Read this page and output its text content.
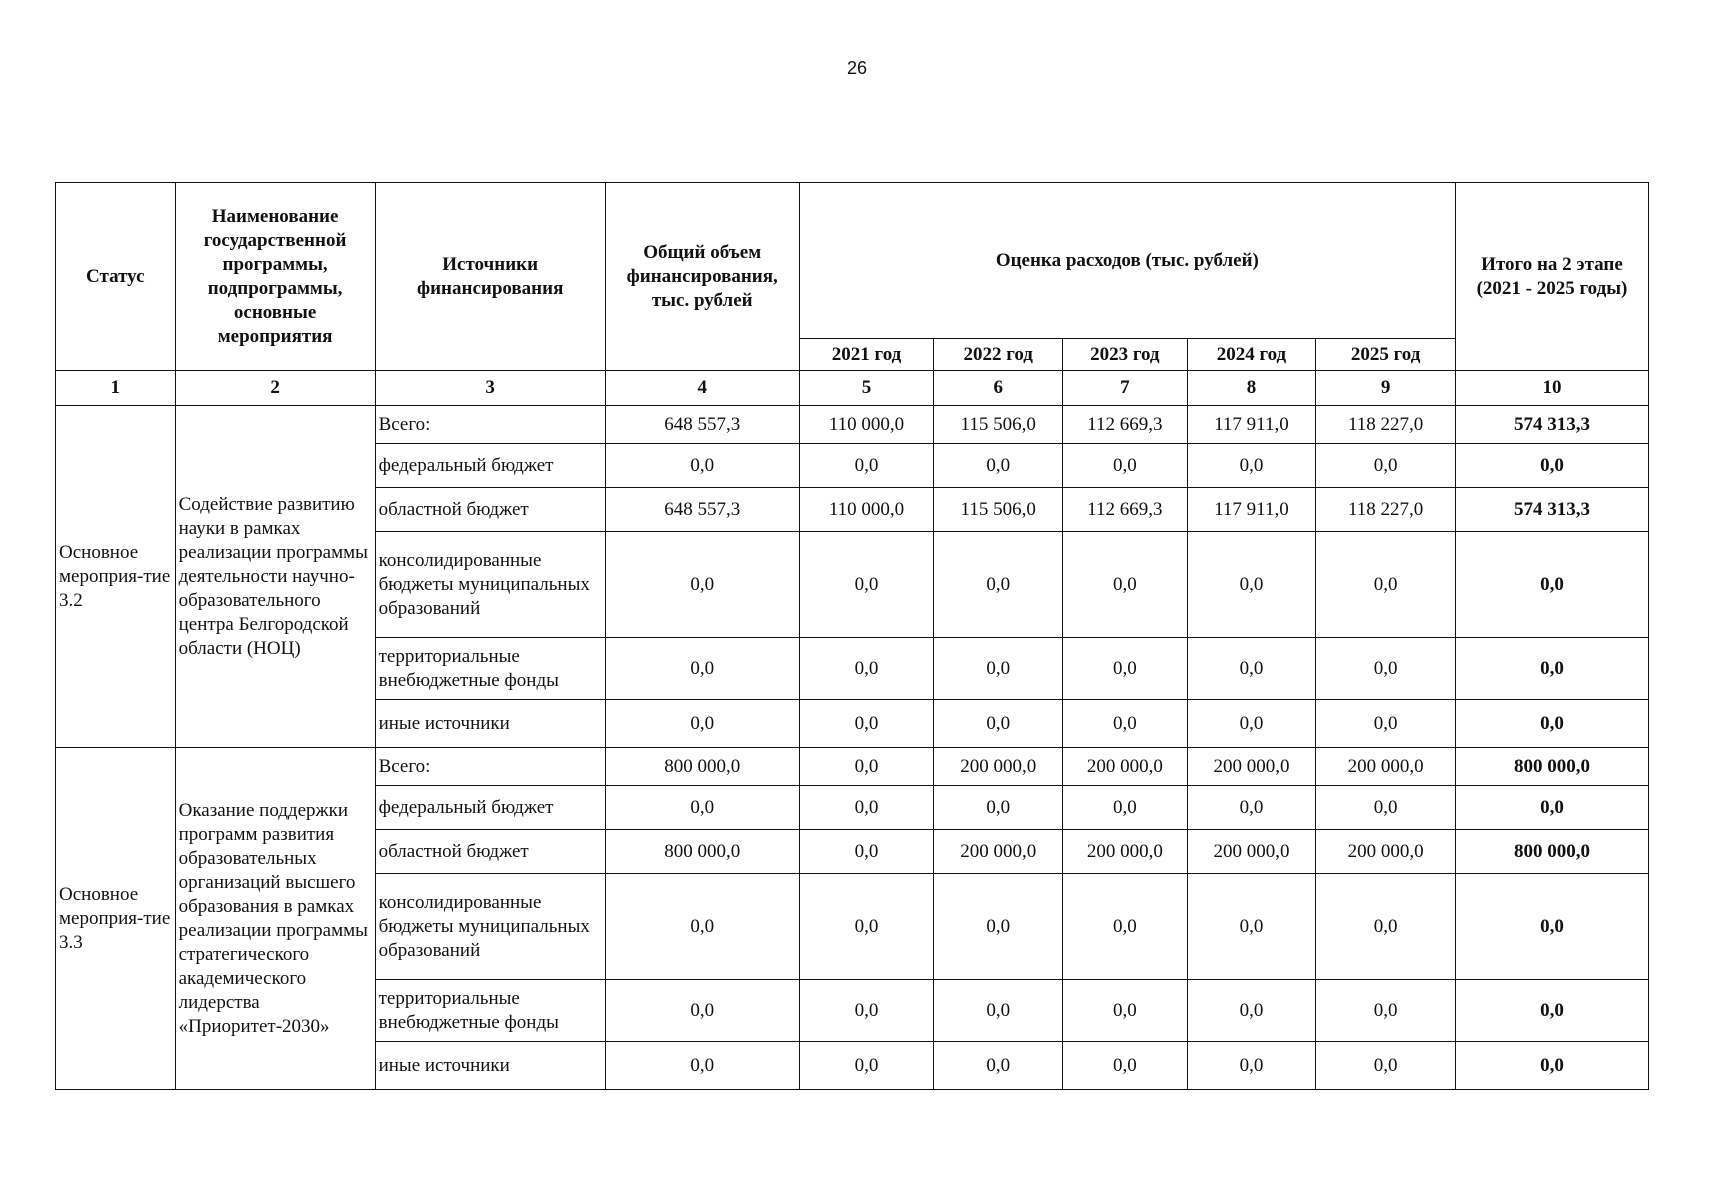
26
Статус	Наименование государственной программы, подпрограммы, основные мероприятия	Источники финансирования	Общий объем финансирования, тыс. рублей	Оценка расходов (тыс. рублей)					Итого на 2 этапе (2021 - 2025 годы)
				2021 год	2022 год	2023 год	2024 год	2025 год	
1	2	3	4	5	6	7	8	9	10
Основное мероприя-тие 3.2	Содействие развитию науки в рамках реализации программы деятельности научно-образовательного центра Белгородской области (НОЦ)	Всего:	648 557,3	110 000,0	115 506,0	112 669,3	117 911,0	118 227,0	574 313,3
		федеральный бюджет	0,0	0,0	0,0	0,0	0,0	0,0	0,0
		областной бюджет	648 557,3	110 000,0	115 506,0	112 669,3	117 911,0	118 227,0	574 313,3
		консолидированные бюджеты муниципальных образований	0,0	0,0	0,0	0,0	0,0	0,0	0,0
		территориальные внебюджетные фонды	0,0	0,0	0,0	0,0	0,0	0,0	0,0
		иные источники	0,0	0,0	0,0	0,0	0,0	0,0	0,0
Основное мероприя-тие 3.3	Оказание поддержки программ развития образовательных организаций высшего образования в рамках реализации программы стратегического академического лидерства «Приоритет-2030»	Всего:	800 000,0	0,0	200 000,0	200 000,0	200 000,0	200 000,0	800 000,0
		федеральный бюджет	0,0	0,0	0,0	0,0	0,0	0,0	0,0
		областной бюджет	800 000,0	0,0	200 000,0	200 000,0	200 000,0	200 000,0	800 000,0
		консолидированные бюджеты муниципальных образований	0,0	0,0	0,0	0,0	0,0	0,0	0,0
		территориальные внебюджетные фонды	0,0	0,0	0,0	0,0	0,0	0,0	0,0
		иные источники	0,0	0,0	0,0	0,0	0,0	0,0	0,0
